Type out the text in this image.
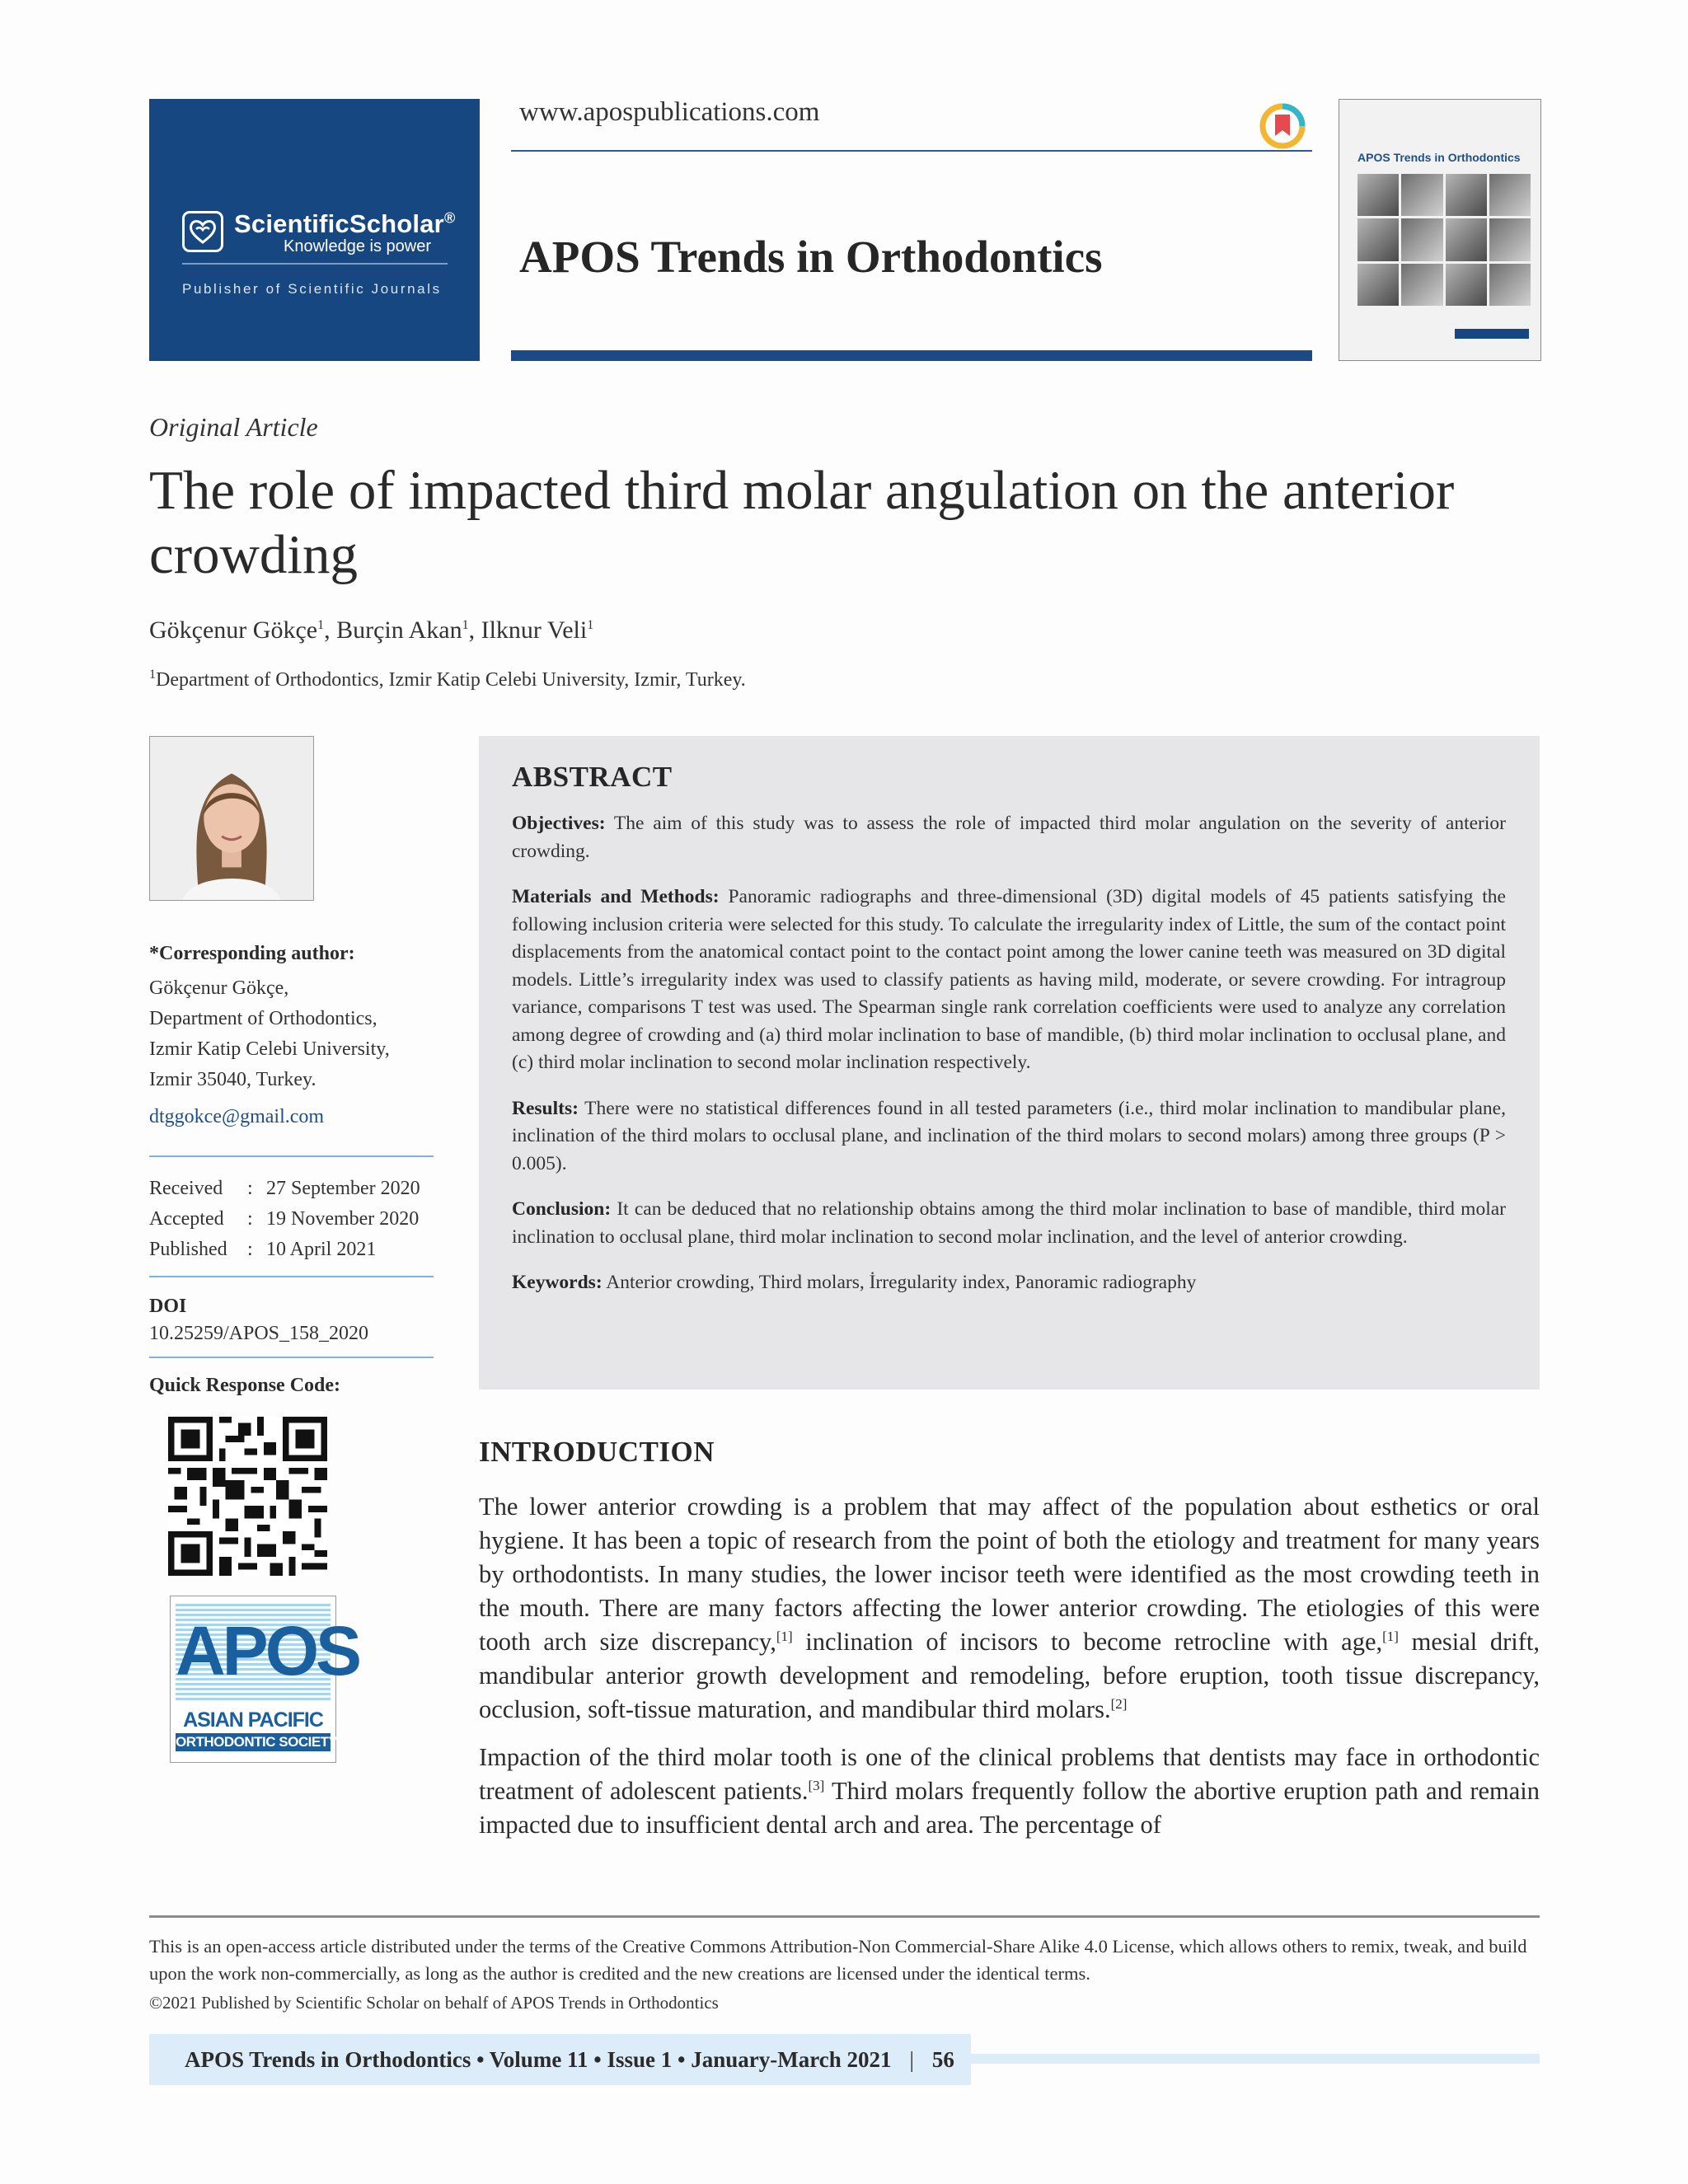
ScientificScholar®
Knowledge is power
Publisher of Scientific Journals
www.apospublications.com
APOS Trends in Orthodontics
APOS Trends in Orthodontics
Original Article
The role of impacted third molar angulation on the anterior crowding
Gökçenur Gökçe$^1$, Burçin Akan$^1$, Ilknur Veli$^1$
$^1$Department of Orthodontics, Izmir Katip Celebi University, Izmir, Turkey.
*Corresponding author:
Gökçenur Gökçe,
Department of Orthodontics,
Izmir Katip Celebi University,
Izmir 35040, Turkey.
dtggokce@gmail.com
Received	: 27 September 2020
Accepted	: 19 November 2020
Published	: 10 April 2021
DOI
10.25259/APOS_158_2020
Quick Response Code:
APOS
ASIAN PACIFIC
ORTHODONTIC SOCIETY
ABSTRACT

Objectives: The aim of this study was to assess the role of impacted third molar angulation on the severity of anterior crowding.

Materials and Methods: Panoramic radiographs and three-dimensional (3D) digital models of 45 patients satisfying the following inclusion criteria were selected for this study. To calculate the irregularity index of Little, the sum of the contact point displacements from the anatomical contact point to the contact point among the lower canine teeth was measured on 3D digital models. Little’s irregularity index was used to classify patients as having mild, moderate, or severe crowding. For intragroup variance, comparisons T test was used. The Spearman single rank correlation coefficients were used to analyze any correlation among degree of crowding and (a) third molar inclination to base of mandible, (b) third molar inclination to occlusal plane, and (c) third molar inclination to second molar inclination respectively.

Results: There were no statistical differences found in all tested parameters (i.e., third molar inclination to mandibular plane, inclination of the third molars to occlusal plane, and inclination of the third molars to second molars) among three groups (P > 0.005).

Conclusion: It can be deduced that no relationship obtains among the third molar inclination to base of mandible, third molar inclination to occlusal plane, third molar inclination to second molar inclination, and the level of anterior crowding.

Keywords: Anterior crowding, Third molars, İrregularity index, Panoramic radiography

INTRODUCTION

The lower anterior crowding is a problem that may affect of the population about esthetics or oral hygiene. It has been a topic of research from the point of both the etiology and treatment for many years by orthodontists. In many studies, the lower incisor teeth were identified as the most crowding teeth in the mouth. There are many factors affecting the lower anterior crowding. The etiologies of this were tooth arch size discrepancy,[1] inclination of incisors to become retrocline with age,[1] mesial drift, mandibular anterior growth development and remodeling, before eruption, tooth tissue discrepancy, occlusion, soft-tissue maturation, and mandibular third molars.[2]

Impaction of the third molar tooth is one of the clinical problems that dentists may face in orthodontic treatment of adolescent patients.[3] Third molars frequently follow the abortive eruption path and remain impacted due to insufficient dental arch and area. The percentage of

This is an open-access article distributed under the terms of the Creative Commons Attribution-Non Commercial-Share Alike 4.0 License, which allows others to remix, tweak, and build upon the work non-commercially, as long as the author is credited and the new creations are licensed under the identical terms.
©2021 Published by Scientific Scholar on behalf of APOS Trends in Orthodontics
APOS Trends in Orthodontics • Volume 11 • Issue 1 • January-March 2021 | 56
